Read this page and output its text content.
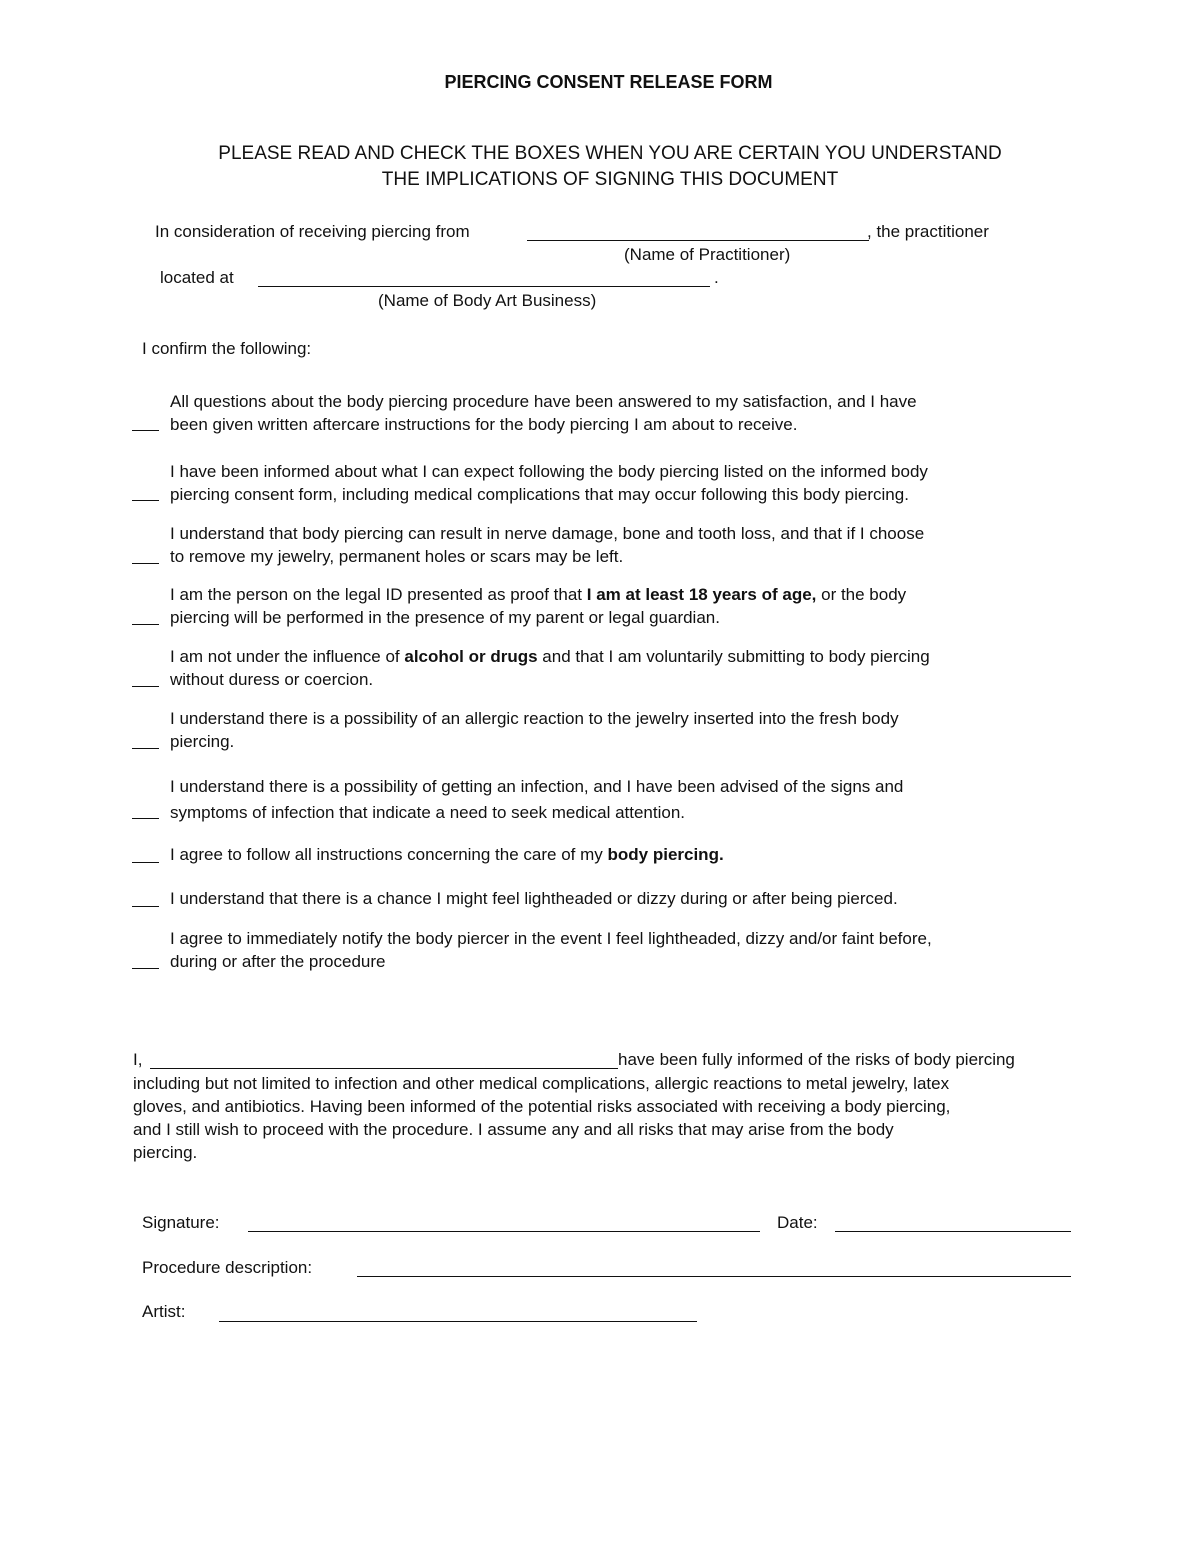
PIERCING CONSENT RELEASE FORM
PLEASE READ AND CHECK THE BOXES WHEN YOU ARE CERTAIN YOU UNDERSTAND
THE IMPLICATIONS OF SIGNING THIS DOCUMENT
In consideration of receiving piercing from	, the practitioner
(Name of Practitioner)
located at	.
(Name of Body Art Business)
I confirm the following:
All questions about the body piercing procedure have been answered to my satisfaction, and I have
been given written aftercare instructions for the body piercing I am about to receive.
I have been informed about what I can expect following the body piercing listed on the informed body
piercing consent form, including medical complications that may occur following this body piercing.
I understand that body piercing can result in nerve damage, bone and tooth loss, and that if I choose
to remove my jewelry, permanent holes or scars may be left.
I am the person on the legal ID presented as proof that I am at least 18 years of age, or the body
piercing will be performed in the presence of my parent or legal guardian.
I am not under the influence of alcohol or drugs and that I am voluntarily submitting to body piercing
without duress or coercion.
I understand there is a possibility of an allergic reaction to the jewelry inserted into the fresh body
piercing.
I understand there is a possibility of getting an infection, and I have been advised of the signs and
symptoms of infection that indicate a need to seek medical attention.
I agree to follow all instructions concerning the care of my body piercing.
I understand that there is a chance I might feel lightheaded or dizzy during or after being pierced.
I agree to immediately notify the body piercer in the event I feel lightheaded, dizzy and/or faint before,
during or after the procedure
I,	have been fully informed of the risks of body piercing
including but not limited to infection and other medical complications, allergic reactions to metal jewelry, latex
gloves, and antibiotics. Having been informed of the potential risks associated with receiving a body piercing,
and I still wish to proceed with the procedure. I assume any and all risks that may arise from the body
piercing.
Signature:	Date:
Procedure description:
Artist:
